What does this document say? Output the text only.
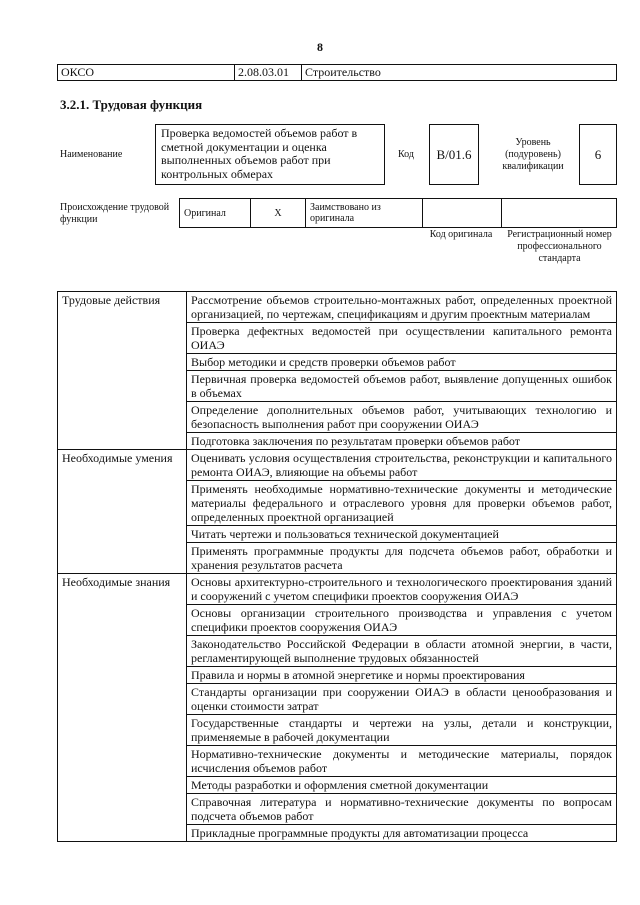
8
ОКСО	2.08.03.01	Строительство
3.2.1. Трудовая функция
Наименование
Проверка ведомостей объемов работ в сметной документации и оценка выполненных объемов работ при контрольных обмерах
Код	B/01.6
Уровень (подуровень) квалификации
6
Происхождение трудовой функции
Оригинал	X	Заимствовано из оригинала		
Код оригинала	Регистрационный номер профессионального стандарта
Трудовые действия	Рассмотрение объемов строительно-монтажных работ, определенных проектной организацией, по чертежам, спецификациям и другим проектным материалам
	Проверка дефектных ведомостей при осуществлении капитального ремонта ОИАЭ
	Выбор методики и средств проверки объемов работ
	Первичная проверка ведомостей объемов работ, выявление допущенных ошибок в объемах
	Определение дополнительных объемов работ, учитывающих технологию и безопасность выполнения работ при сооружении ОИАЭ
	Подготовка заключения по результатам проверки объемов работ
Необходимые умения	Оценивать условия осуществления строительства, реконструкции и капитального ремонта ОИАЭ, влияющие на объемы работ
	Применять необходимые нормативно-технические документы и методические материалы федерального и отраслевого уровня для проверки объемов работ, определенных проектной организацией
	Читать чертежи и пользоваться технической документацией
	Применять программные продукты для подсчета объемов работ, обработки и хранения результатов расчета
Необходимые знания	Основы архитектурно-строительного и технологического проектирования зданий и сооружений с учетом специфики проектов сооружения ОИАЭ
	Основы организации строительного производства и управления с учетом специфики проектов сооружения ОИАЭ
	Законодательство Российской Федерации в области атомной энергии, в части, регламентирующей выполнение трудовых обязанностей
	Правила и нормы в атомной энергетике и нормы проектирования
	Стандарты организации при сооружении ОИАЭ в области ценообразования и оценки стоимости затрат
	Государственные стандарты и чертежи на узлы, детали и конструкции, применяемые в рабочей документации
	Нормативно-технические документы и методические материалы, порядок исчисления объемов работ
	Методы разработки и оформления сметной документации
	Справочная литература и нормативно-технические документы по вопросам подсчета объемов работ

	Прикладные программные продукты для автоматизации процесса
